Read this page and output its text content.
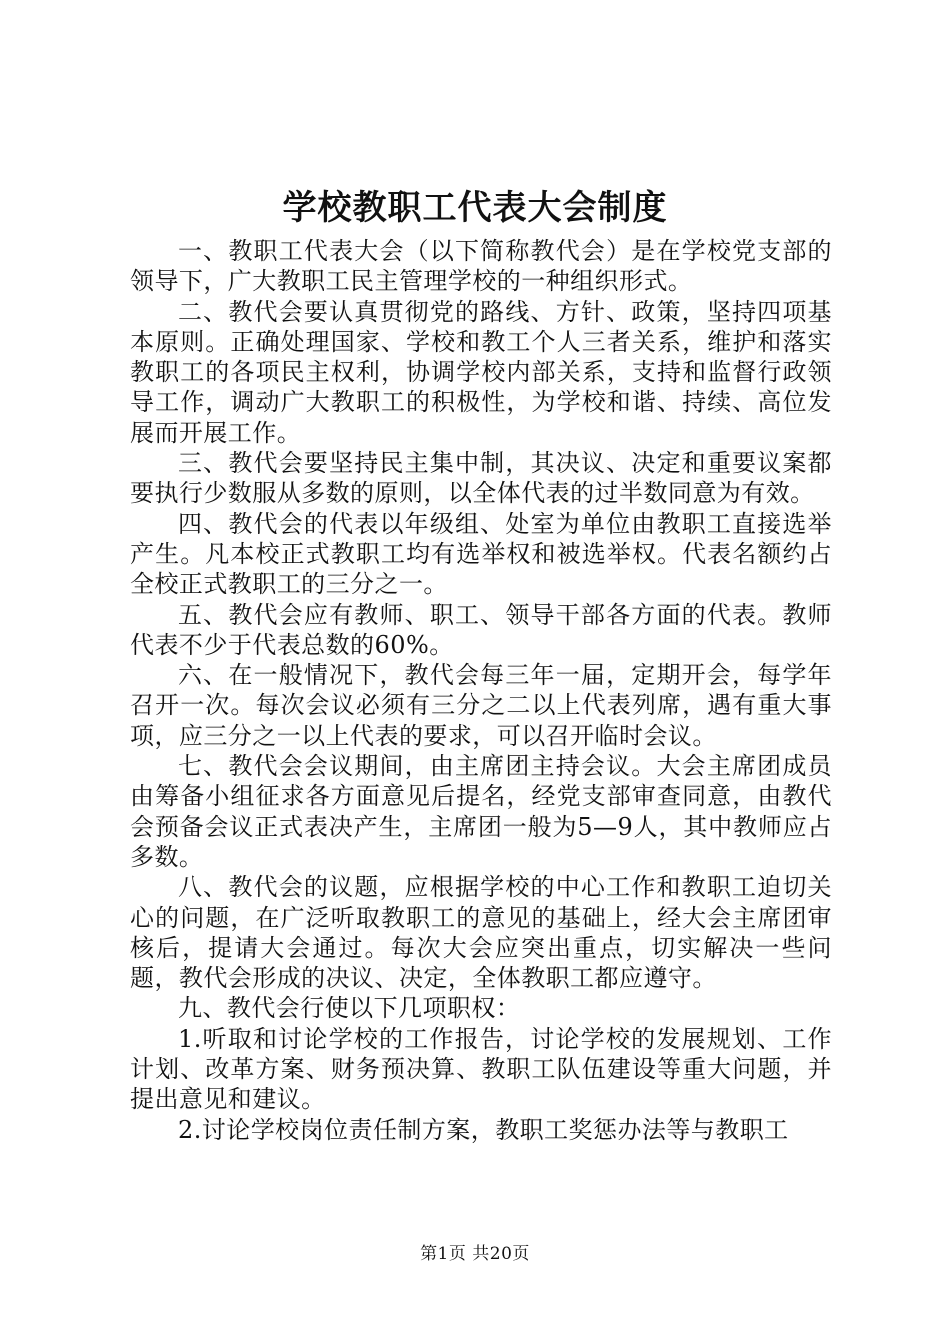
学校教职工代表大会制度

一、教职工代表大会（以下简称教代会）是在学校党支部的领导下，广大教职工民主管理学校的一种组织形式。

二、教代会要认真贯彻党的路线、方针、政策，坚持四项基本原则。正确处理国家、学校和教工个人三者关系，维护和落实教职工的各项民主权利，协调学校内部关系，支持和监督行政领导工作，调动广大教职工的积极性，为学校和谐、持续、高位发展而开展工作。

三、教代会要坚持民主集中制，其决议、决定和重要议案都要执行少数服从多数的原则，以全体代表的过半数同意为有效。

四、教代会的代表以年级组、处室为单位由教职工直接选举产生。凡本校正式教职工均有选举权和被选举权。代表名额约占全校正式教职工的三分之一。

五、教代会应有教师、职工、领导干部各方面的代表。教师代表不少于代表总数的60%。

六、在一般情况下，教代会每三年一届，定期开会，每学年召开一次。每次会议必须有三分之二以上代表列席，遇有重大事项，应三分之一以上代表的要求，可以召开临时会议。

七、教代会会议期间，由主席团主持会议。大会主席团成员由筹备小组征求各方面意见后提名，经党支部审查同意，由教代会预备会议正式表决产生，主席团一般为5—9人，其中教师应占多数。

八、教代会的议题，应根据学校的中心工作和教职工迫切关心的问题，在广泛听取教职工的意见的基础上，经大会主席团审核后，提请大会通过。每次大会应突出重点，切实解决一些问题，教代会形成的决议、决定，全体教职工都应遵守。

九、教代会行使以下几项职权：

1.听取和讨论学校的工作报告，讨论学校的发展规划、工作计划、改革方案、财务预决算、教职工队伍建设等重大问题，并提出意见和建议。

2.讨论学校岗位责任制方案，教职工奖惩办法等与教职工

第1页 共20页
